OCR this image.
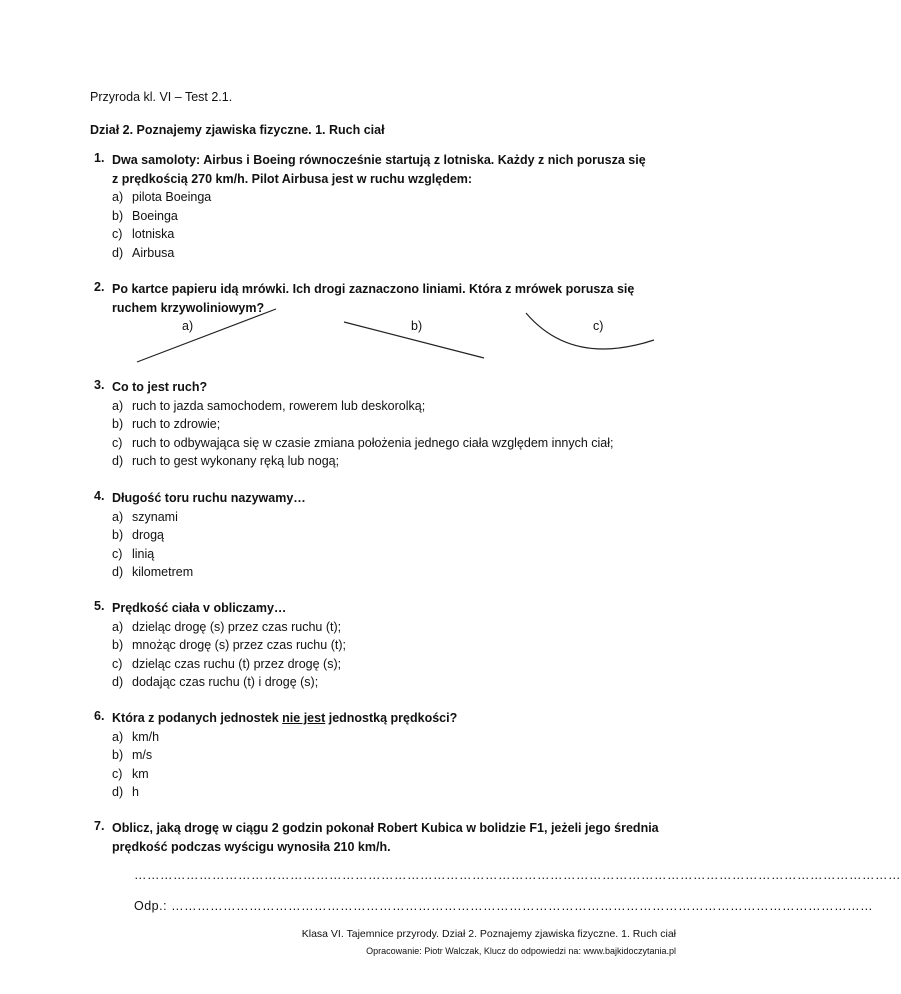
Przyroda kl. VI – Test 2.1.
Dział 2. Poznajemy zjawiska fizyczne. 1. Ruch ciał
1. Dwa samoloty: Airbus i Boeing równocześnie startują z lotniska. Każdy z nich porusza się
z prędkością 270 km/h. Pilot Airbusa jest w ruchu względem:
a) pilota Boeinga
b) Boeinga
c) lotniska
d) Airbusa
2. Po kartce papieru idą mrówki. Ich drogi zaznaczono liniami. Która z mrówek porusza się
ruchem krzywoliniowym?
a)	b)	c)
3. Co to jest ruch?
a) ruch to jazda samochodem, rowerem lub deskorolką;
b) ruch to zdrowie;
c) ruch to odbywająca się w czasie zmiana położenia jednego ciała względem innych ciał;
d) ruch to gest wykonany ręką lub nogą;
4. Długość toru ruchu nazywamy…
a) szynami
b) drogą
c) linią
d) kilometrem
5. Prędkość ciała v obliczamy…
a) dzieląc drogę (s) przez czas ruchu (t);
b) mnożąc drogę (s) przez czas ruchu (t);
c) dzieląc czas ruchu (t) przez drogę (s);
d) dodając czas ruchu (t) i drogę (s);
6. Która z podanych jednostek nie jest jednostką prędkości?
a) km/h
b) m/s
c) km
d) h
7. Oblicz, jaką drogę w ciągu 2 godzin pokonał Robert Kubica w bolidzie F1, jeżeli jego średnia
prędkość podczas wyścigu wynosiła 210 km/h.
……………………………………………………………………………………………………………………………………………………………
Odp.: ………………………………………………………………………………………………………………………………………………
Klasa VI. Tajemnice przyrody. Dział 2. Poznajemy zjawiska fizyczne. 1. Ruch ciał
Opracowanie: Piotr Walczak, Klucz do odpowiedzi na: www.bajkidoczytania.pl
